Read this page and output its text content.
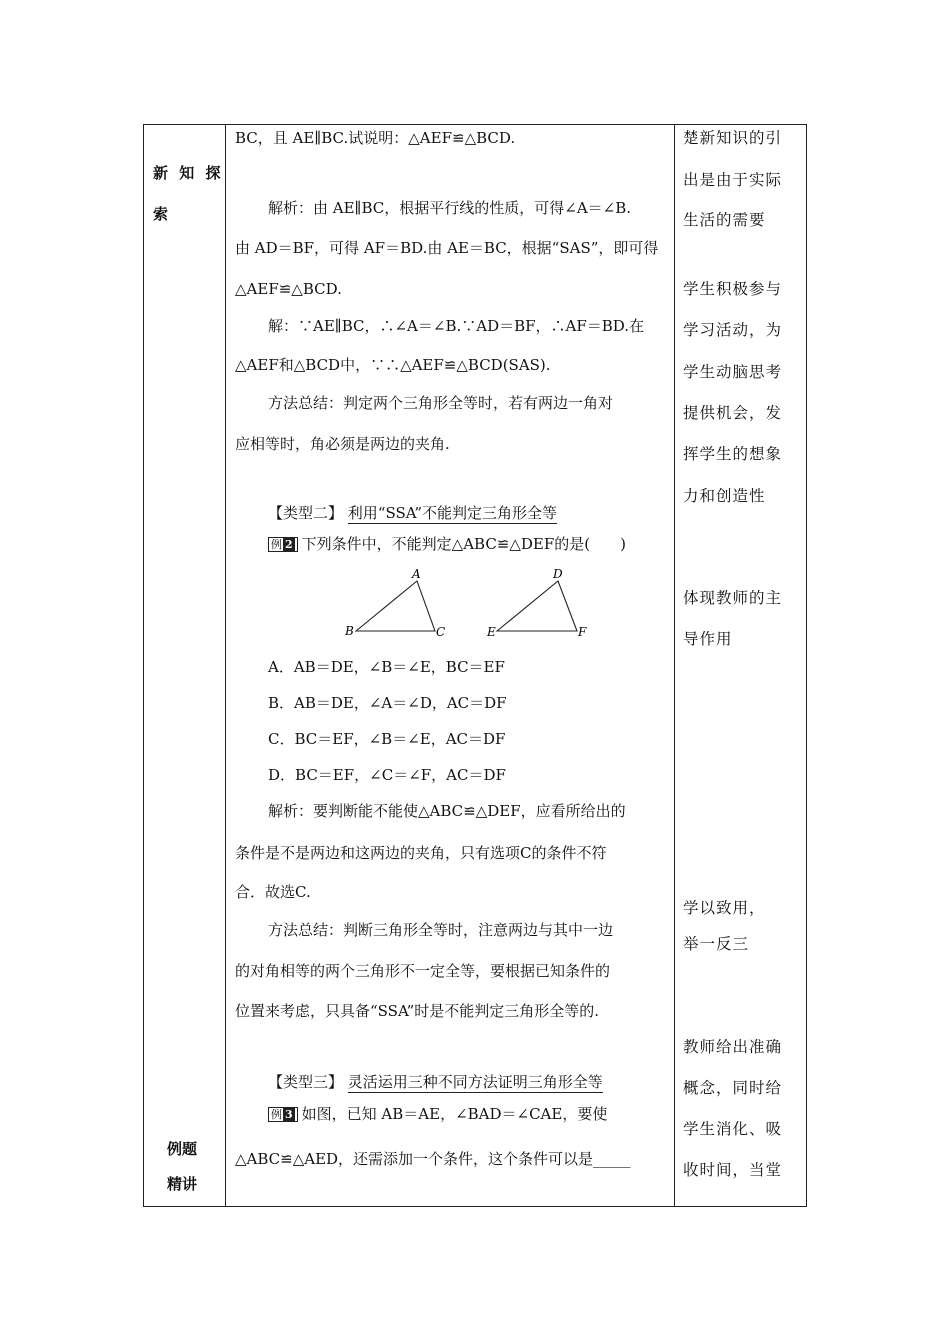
新 知 探
索
例题
精讲
BC，且 AE∥BC.试说明：△AEF≌△BCD.
解析：由 AE∥BC，根据平行线的性质，可得∠A＝∠B.
由 AD＝BF，可得 AF＝BD.由 AE＝BC，根据“SAS”，即可得
△AEF≌△BCD.
解：∵AE∥BC，∴∠A＝∠B.∵AD＝BF，∴AF＝BD.在
△AEF和△BCD中，∵∴△AEF≌△BCD(SAS).
方法总结：判定两个三角形全等时，若有两边一角对
应相等时，角必须是两边的夹角.
【类型二】 利用“SSA”不能判定三角形全等
例 2 下列条件中，不能判定△ABC≌△DEF的是(　　)
A
B	C
D
E	F
A．AB＝DE，∠B＝∠E，BC＝EF
B．AB＝DE，∠A＝∠D，AC＝DF
C．BC＝EF，∠B＝∠E，AC＝DF
D．BC＝EF，∠C＝∠F，AC＝DF
解析：要判断能不能使△ABC≌△DEF，应看所给出的
条件是不是两边和这两边的夹角，只有选项C的条件不符
合．故选C.
方法总结：判断三角形全等时，注意两边与其中一边
的对角相等的两个三角形不一定全等，要根据已知条件的
位置来考虑，只具备“SSA”时是不能判定三角形全等的.
【类型三】 灵活运用三种不同方法证明三角形全等
例 3 如图，已知 AB＝AE，∠BAD＝∠CAE，要使
△ABC≌△AED，还需添加一个条件，这个条件可以是_____
楚新知识的引
出是由于实际
生活的需要
学生积极参与
学习活动，为
学生动脑思考
提供机会，发
挥学生的想象
力和创造性
体现教师的主
导作用
学以致用，
举一反三
教师给出准确
概念，同时给
学生消化、吸
收时间，当堂
